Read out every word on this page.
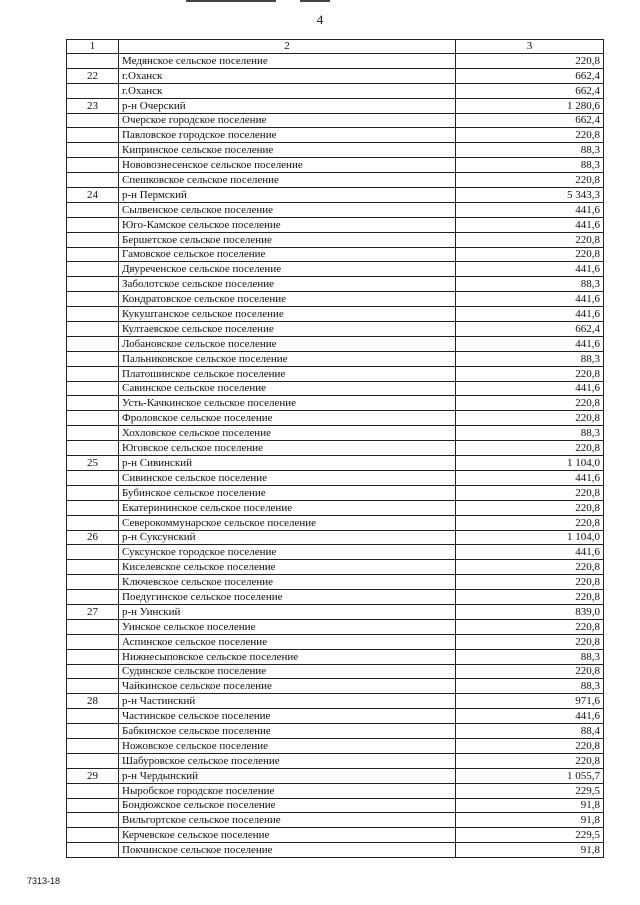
4
1	2	3
	Медянское сельское поселение	220,8
22	г.Оханск	662,4
	г.Оханск	662,4
23	р-н Очерский	1 280,6
	Очерское городское поселение	662,4
	Павловское городское поселение	220,8
	Кипринское сельское поселение	88,3
	Нововознесенское сельское поселение	88,3
	Спешковское сельское поселение	220,8
24	р-н Пермский	5 343,3
	Сылвенское сельское поселение	441,6
	Юго-Камское сельское поселение	441,6
	Бершетское сельское поселение	220,8
	Гамовское сельское поселение	220,8
	Двуреченское сельское поселение	441,6
	Заболотское сельское поселение	88,3
	Кондратовское сельское поселение	441,6
	Кукуштанское сельское поселение	441,6
	Култаевское сельское поселение	662,4
	Лобановское сельское поселение	441,6
	Пальниковское сельское поселение	88,3
	Платошинское сельское поселение	220,8
	Савинское сельское поселение	441,6
	Усть-Качкинское сельское поселение	220,8
	Фроловское сельское поселение	220,8
	Хохловское сельское поселение	88,3
	Юговское сельское поселение	220,8
25	р-н Сивинский	1 104,0
	Сивинское сельское поселение	441,6
	Бубинское сельское поселение	220,8
	Екатерининское сельское поселение	220,8
	Северокоммунарское сельское поселение	220,8
26	р-н Суксунский	1 104,0
	Суксунское городское поселение	441,6
	Киселевское сельское поселение	220,8
	Ключевское сельское поселение	220,8
	Поедугинское сельское поселение	220,8
27	р-н Уинский	839,0
	Уинское сельское поселение	220,8
	Аспинское сельское поселение	220,8
	Нижнесыповское сельское поселение	88,3
	Судинское сельское поселение	220,8
	Чайкинское сельское поселение	88,3
28	р-н Частинский	971,6
	Частинское сельское поселение	441,6
	Бабкинское сельское поселение	88,4
	Ножовское сельское поселение	220,8
	Шабуровское сельское поселение	220,8
29	р-н Чердынский	1 055,7
	Ныробское городское поселение	229,5
	Бондюжское сельское поселение	91,8
	Вильгортское сельское поселение	91,8
	Керчевское сельское поселение	229,5
	Покчинское сельское поселение	91,8
7313-18
